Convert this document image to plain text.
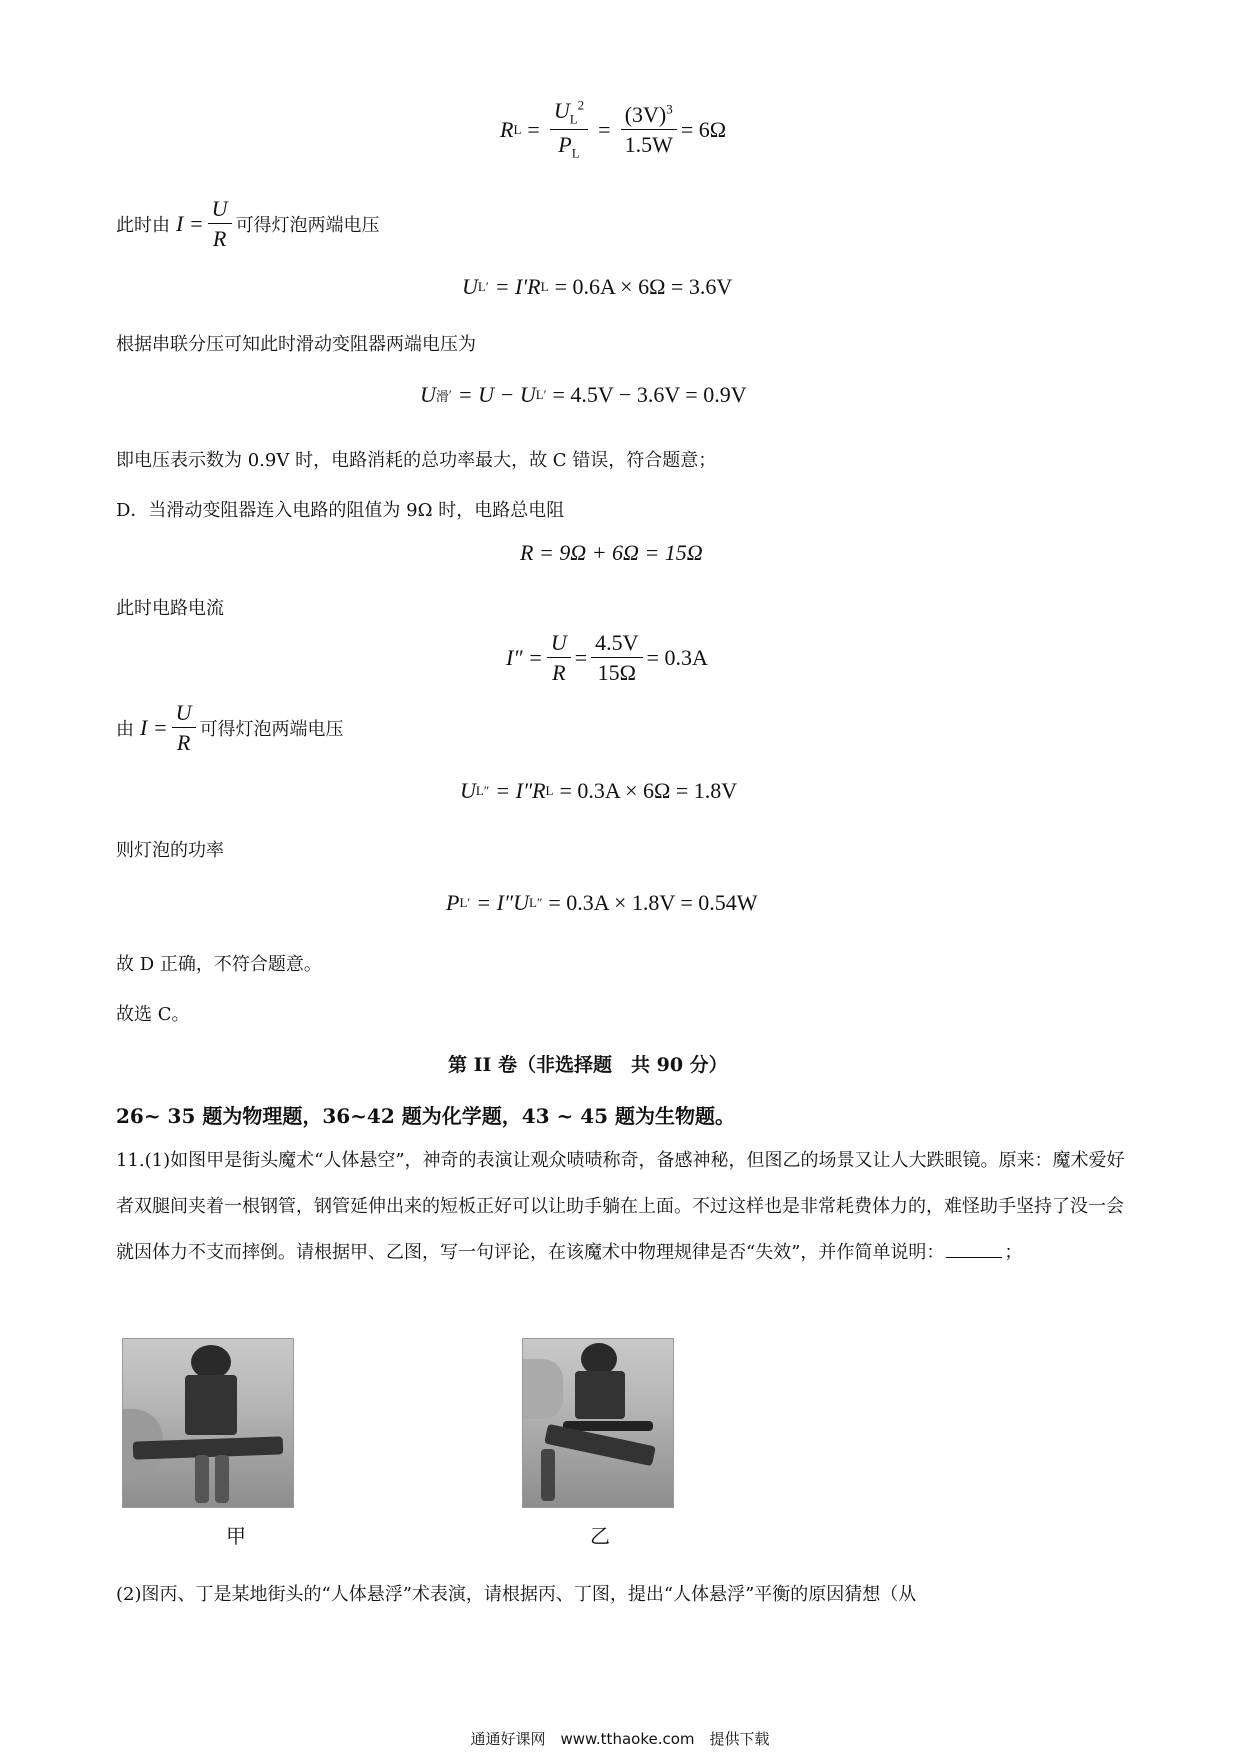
R $L = \frac{U_L^2}{P_L} = \frac{(3V)^3}{1.5W} = 6\Omega$
此时由 $I = \frac{U}{R}$ 可得灯泡两端电压
U L ′ = I′R L = 0.6A × 6Ω = 3.6V
根据串联分压可知此时滑动变阻器两端电压为
U 滑 ′ = U − U L ′ = 4.5V − 3.6V = 0.9V
即电压表示数为 0.9V 时，电路消耗的总功率最大，故 C 错误，符合题意；
D．当滑动变阻器连入电路的阻值为 9Ω 时，电路总电阻
R = 9Ω + 6Ω = 15Ω
此时电路电流
$I'' = \frac{U}{R} = \frac{4.5V}{15\Omega} = 0.3A$
由 $I = \frac{U}{R}$ 可得灯泡两端电压
U L ″ = I″R L = 0.3A × 6Ω = 1.8V
则灯泡的功率
P L ′ = I″U L ″ = 0.3A × 1.8V = 0.54W
故 D 正确，不符合题意。
故选 C。
第 II 卷（非选择题　共 90 分）
26~ 35 题为物理题，36~42 题为化学题，43 ~ 45 题为生物题。
11.(1)如图甲是街头魔术“人体悬空”，神奇的表演让观众啧啧称奇，备感神秘，但图乙的场景又让人大跌眼镜。原来：魔术爱好者双腿间夹着一根钢管，钢管延伸出来的短板正好可以让助手躺在上面。不过这样也是非常耗费体力的，难怪助手坚持了没一会就因体力不支而摔倒。请根据甲、乙图，写一句评论，在该魔术中物理规律是否“失效”，并作简单说明：	；
甲	乙
(2)图丙、丁是某地街头的“人体悬浮”术表演，请根据丙、丁图，提出“人体悬浮”平衡的原因猜想（从
通通好课网　www.tthaoke.com　提供下载
